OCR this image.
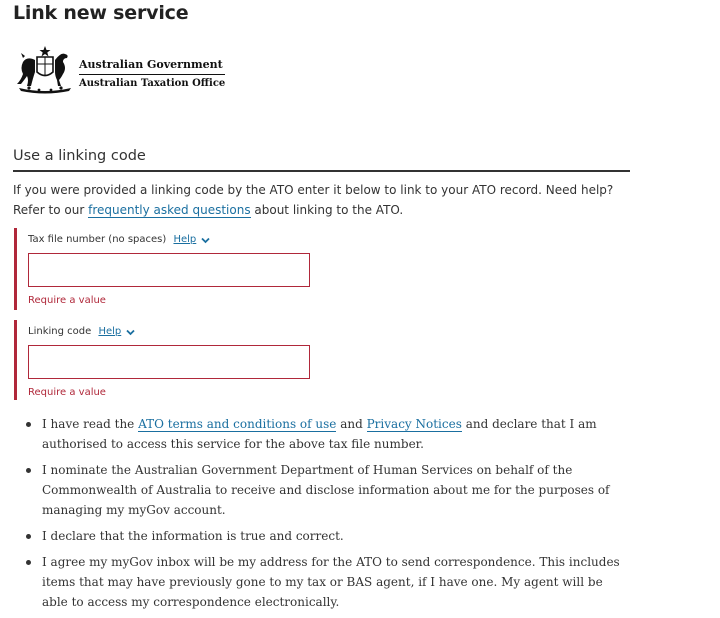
Link new service
Australian Government
Australian Taxation Office
Use a linking code

If you were provided a linking code by the ATO enter it below to link to your ATO record. Need help? Refer to our frequently asked questions about linking to the ATO.

Tax file number (no spaces) Help
Require a value
Linking code Help
Require a value
I have read the ATO terms and conditions of use and Privacy Notices and declare that I am authorised to access this service for the above tax file number.
I nominate the Australian Government Department of Human Services on behalf of the Commonwealth of Australia to receive and disclose information about me for the purposes of managing my myGov account.
I declare that the information is true and correct.
I agree my myGov inbox will be my address for the ATO to send correspondence. This includes items that may have previously gone to my tax or BAS agent, if I have one. My agent will be able to access my correspondence electronically.
